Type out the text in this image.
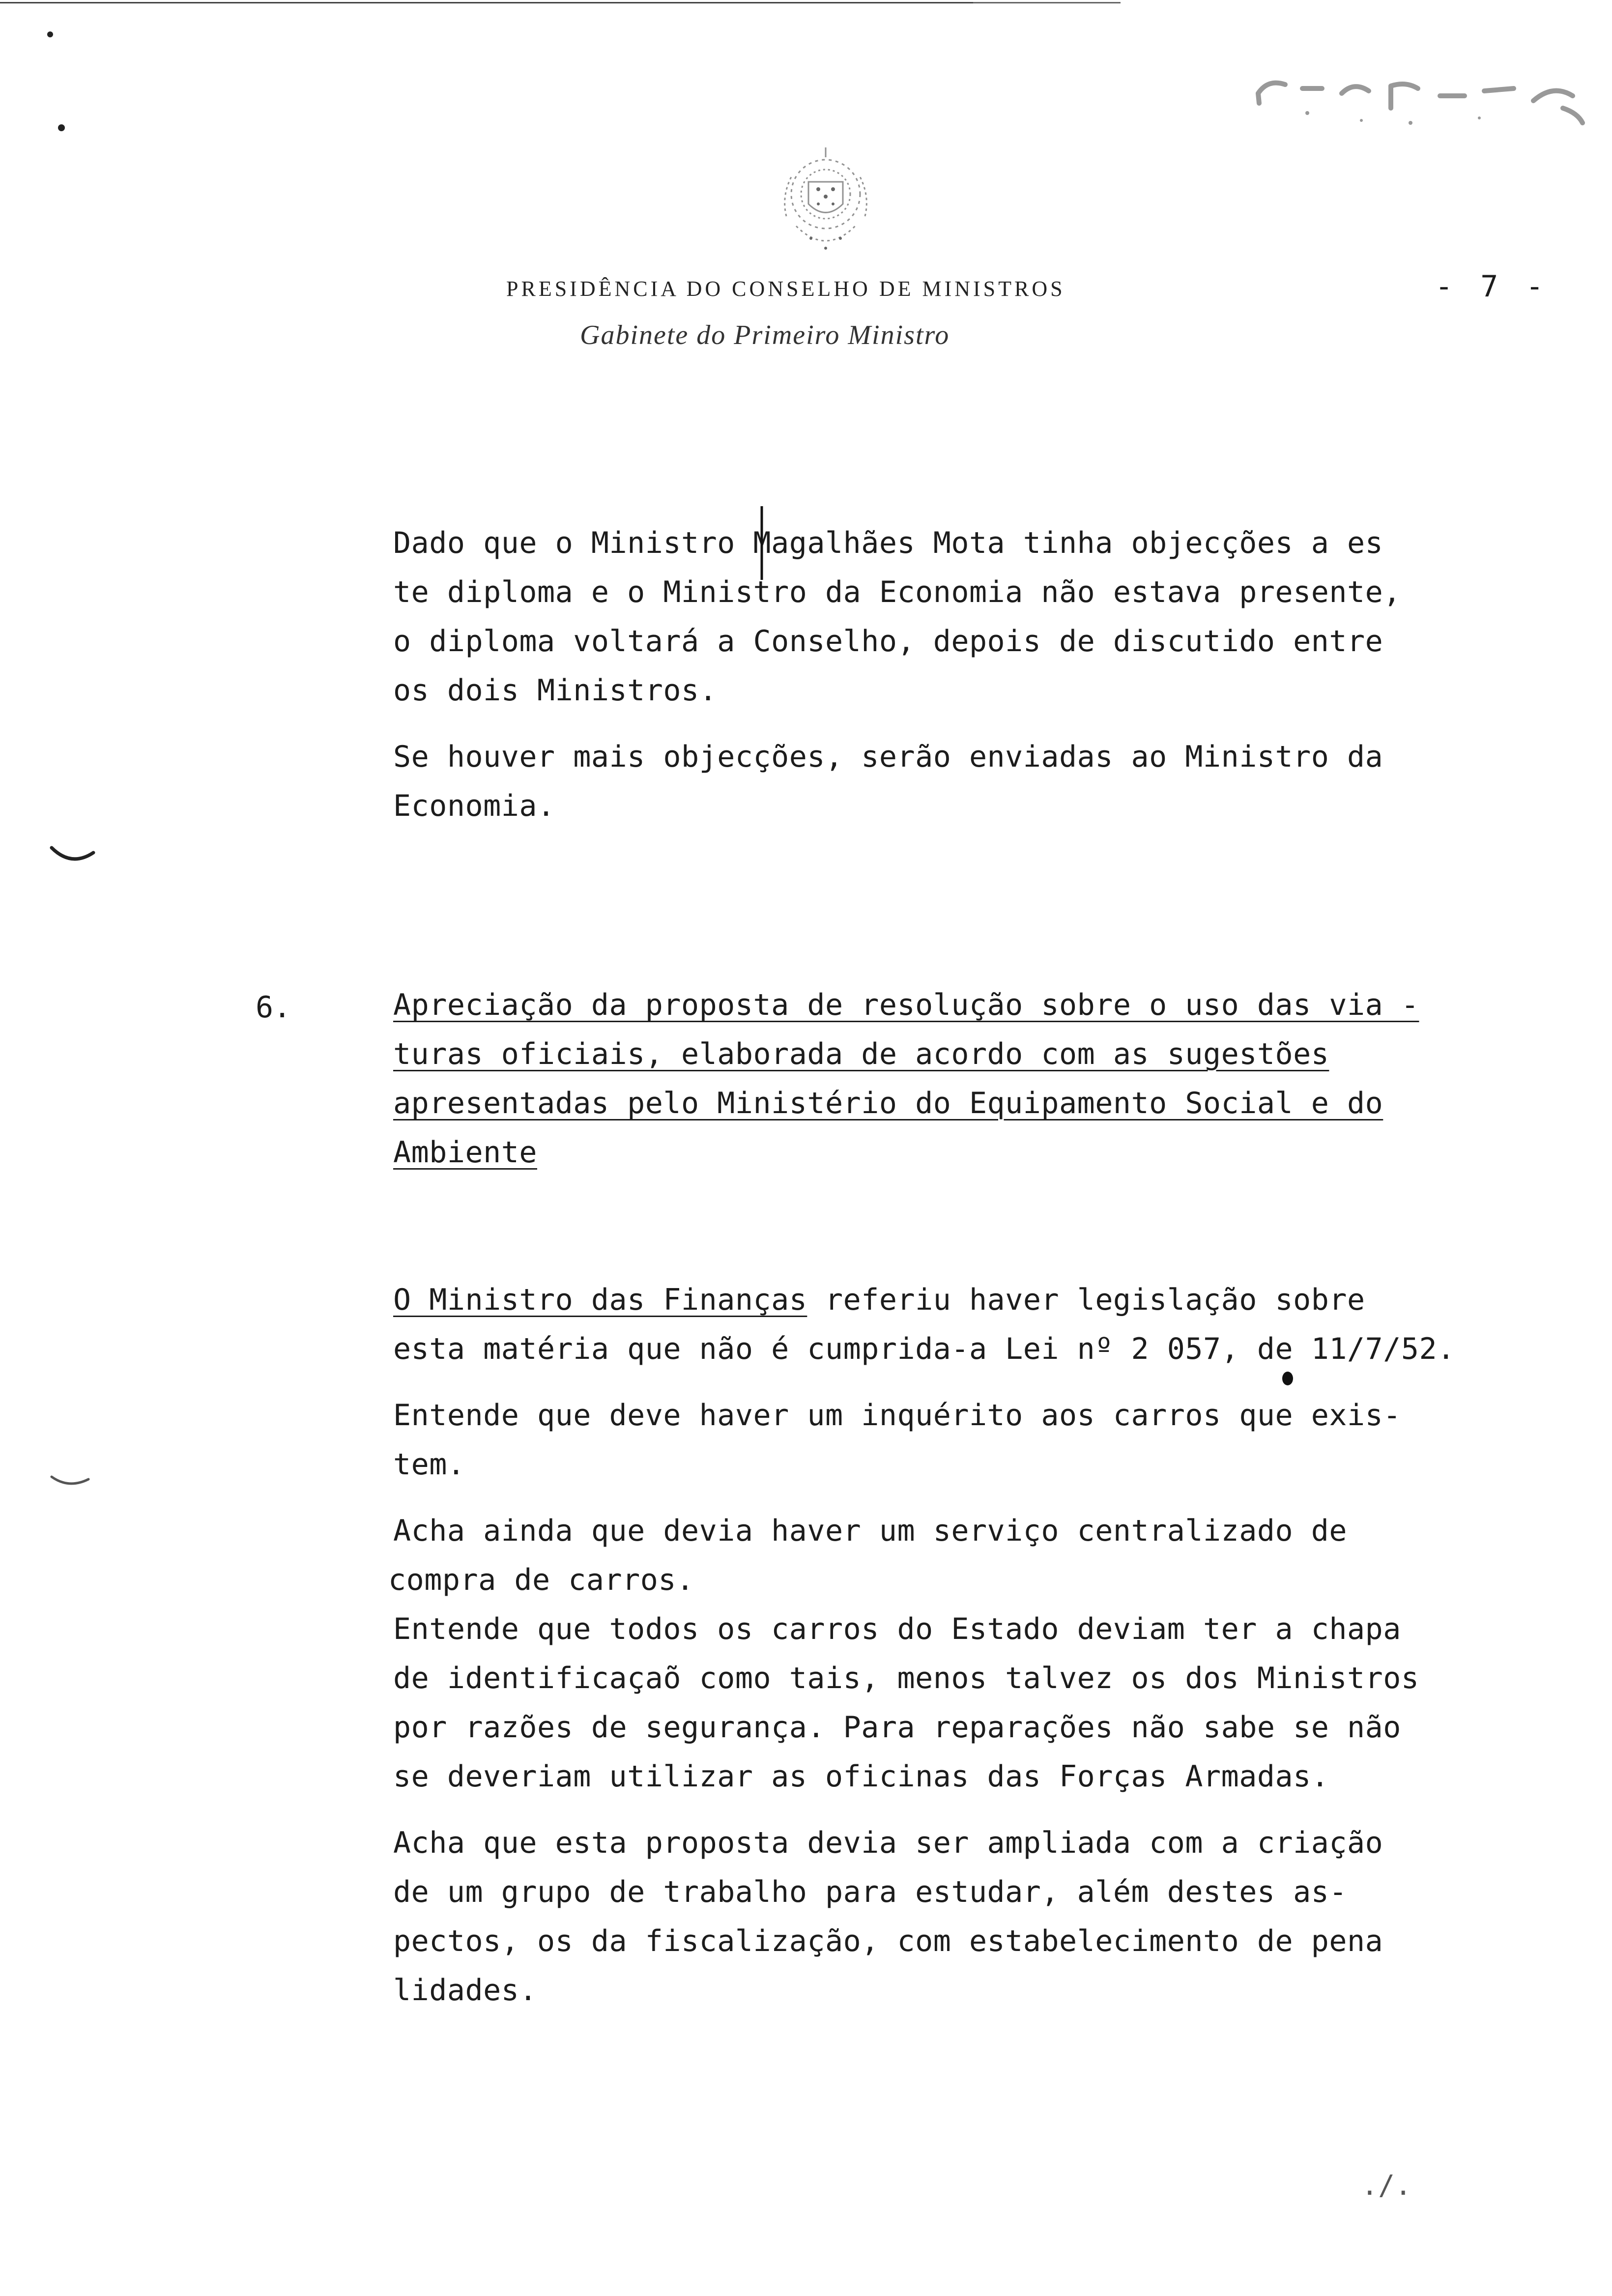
PRESIDÊNCIA DO CONSELHO DE MINISTROS
Gabinete do Primeiro Ministro
- 7 -
Dado que o Ministro Magalhães Mota tinha objecções a es
te diploma e o Ministro da Economia não estava presente,
o diploma voltará a Conselho, depois de discutido entre
os dois Ministros.
Se houver mais objecções, serão enviadas ao Ministro da
Economia.
6.	Apreciação da proposta de resolução sobre o uso das via -
turas oficiais, elaborada de acordo com as sugestões
apresentadas pelo Ministério do Equipamento Social e do
Ambiente
O Ministro das Finanças referiu haver legislação sobre
esta matéria que não é cumprida-a Lei nº 2 057, de 11/7/52.
Entende que deve haver um inquérito aos carros que exis-
tem.
Acha ainda que devia haver um serviço centralizado de
compra de carros.
Entende que todos os carros do Estado deviam ter a chapa
de identificaçaõ como tais, menos talvez os dos Ministros
por razões de segurança. Para reparações não sabe se não
se deveriam utilizar as oficinas das Forças Armadas.
Acha que esta proposta devia ser ampliada com a criação
de um grupo de trabalho para estudar, além destes as-
pectos, os da fiscalização, com estabelecimento de pena
lidades.
./.
